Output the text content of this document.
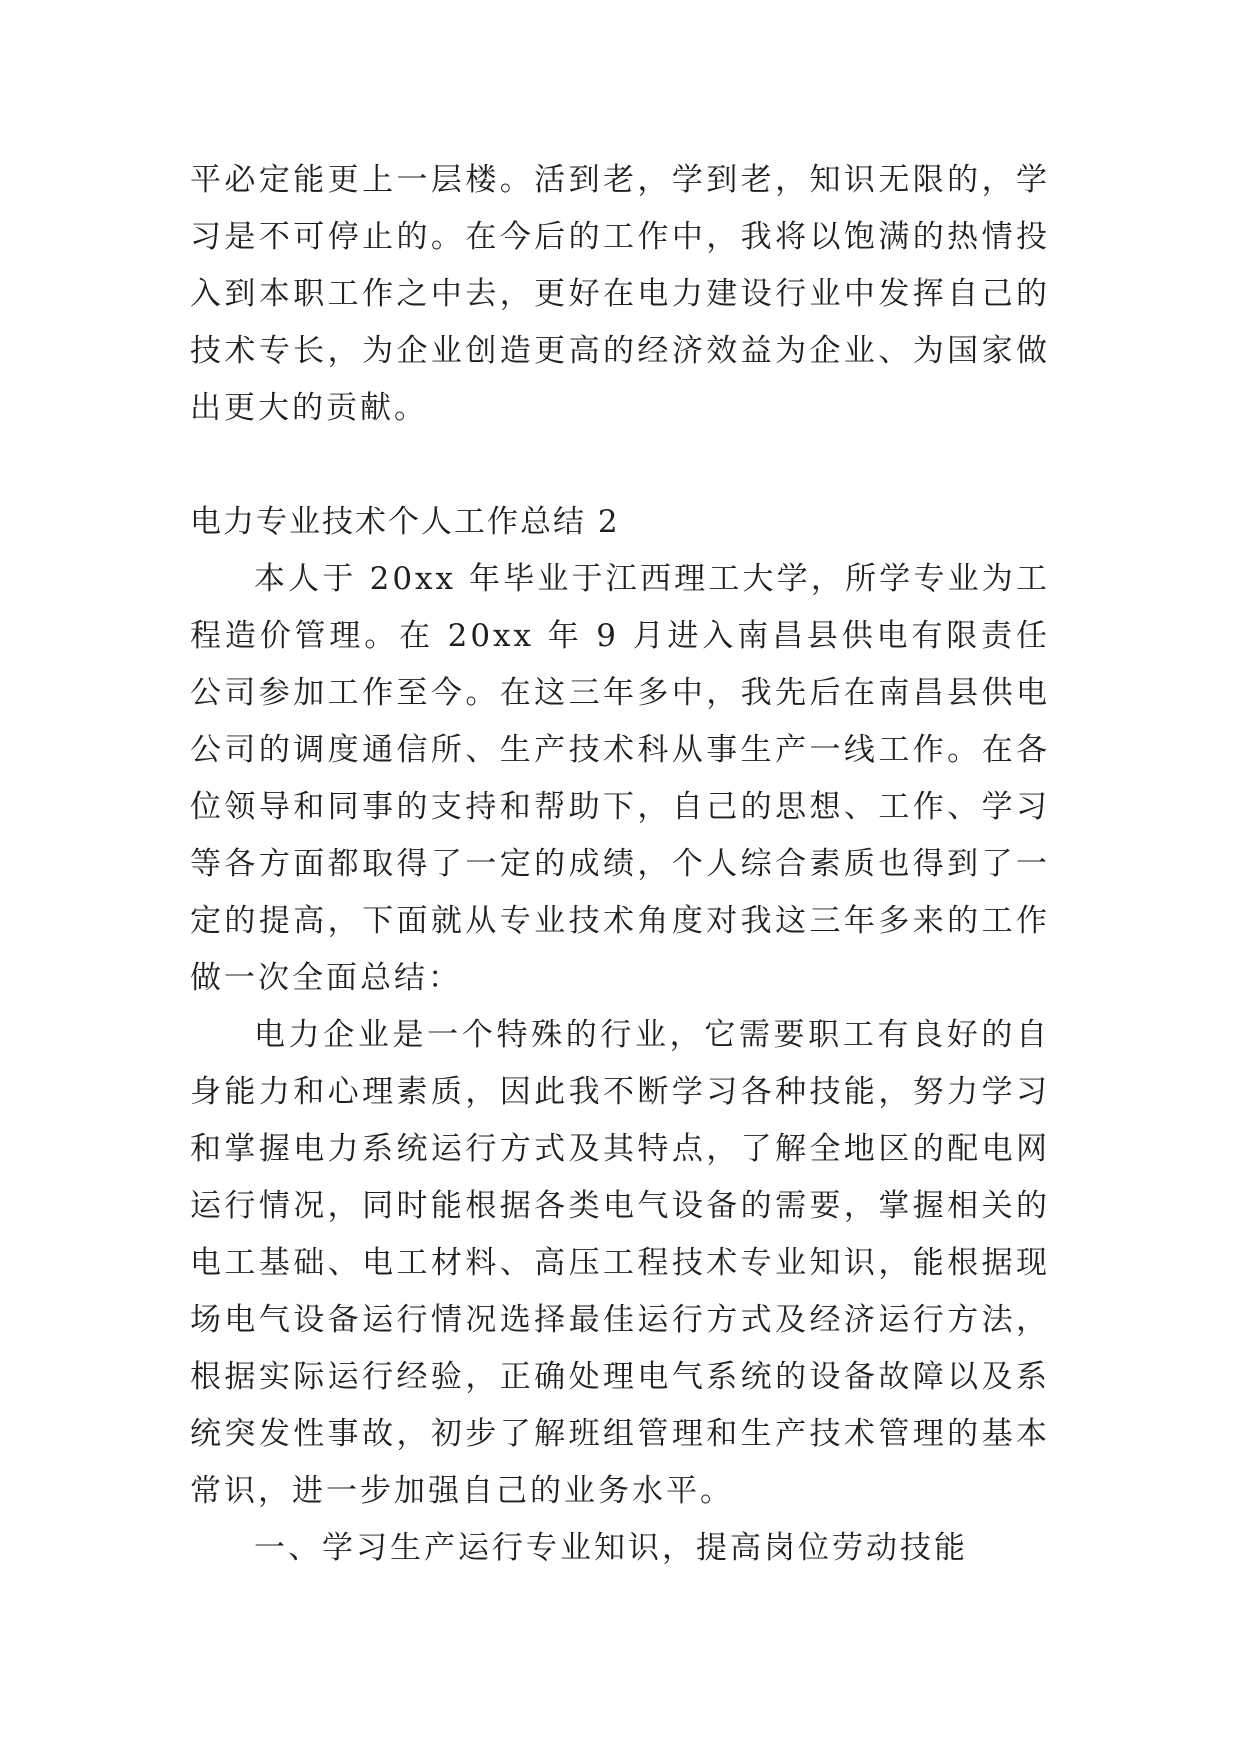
平必定能更上一层楼。活到老，学到老，知识无限的，学习是不可停止的。在今后的工作中，我将以饱满的热情投入到本职工作之中去，更好在电力建设行业中发挥自己的技术专长，为企业创造更高的经济效益为企业、为国家做出更大的贡献。

电力专业技术个人工作总结 2

本人于 20xx 年毕业于江西理工大学，所学专业为工程造价管理。在 20xx 年 9 月进入南昌县供电有限责任公司参加工作至今。在这三年多中，我先后在南昌县供电公司的调度通信所、生产技术科从事生产一线工作。在各位领导和同事的支持和帮助下，自己的思想、工作、学习等各方面都取得了一定的成绩，个人综合素质也得到了一定的提高，下面就从专业技术角度对我这三年多来的工作做一次全面总结：

电力企业是一个特殊的行业，它需要职工有良好的自身能力和心理素质，因此我不断学习各种技能，努力学习和掌握电力系统运行方式及其特点，了解全地区的配电网运行情况，同时能根据各类电气设备的需要，掌握相关的电工基础、电工材料、高压工程技术专业知识，能根据现场电气设备运行情况选择最佳运行方式及经济运行方法，根据实际运行经验，正确处理电气系统的设备故障以及系统突发性事故，初步了解班组管理和生产技术管理的基本常识，进一步加强自己的业务水平。

一、学习生产运行专业知识，提高岗位劳动技能
